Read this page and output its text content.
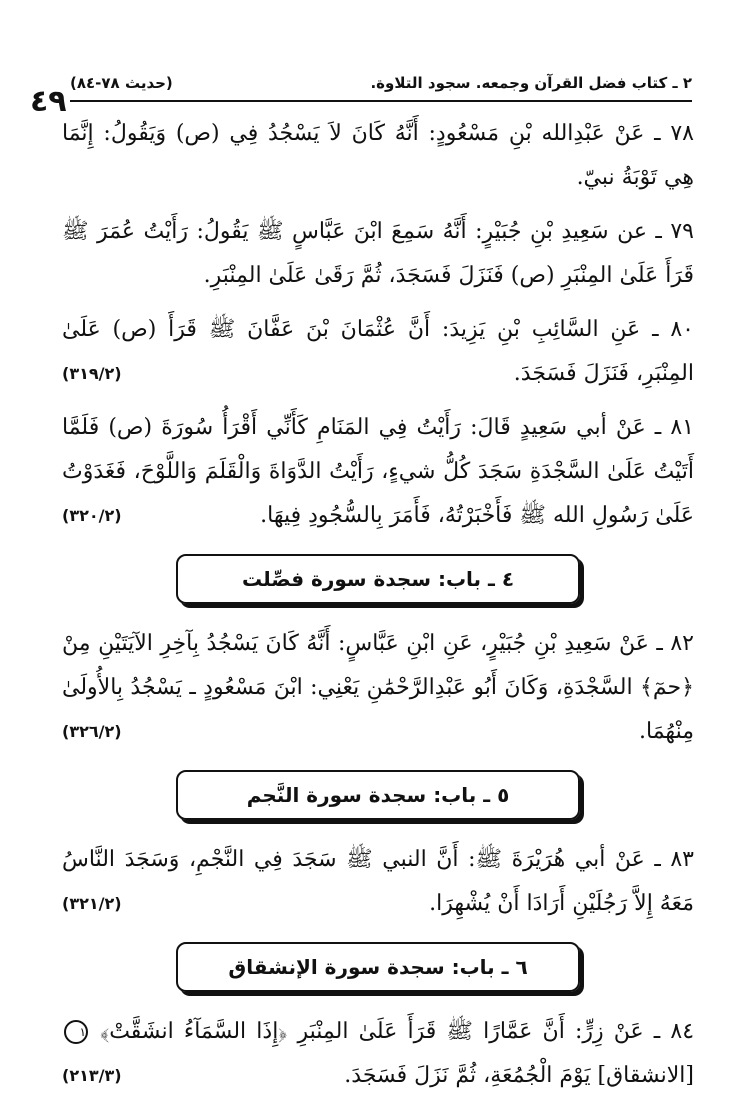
٤٩
(حديث ٧٨-٨٤)	٢ ـ كتاب فضل القرآن وجمعه. سجود التلاوة.

٧٨ ـ عَنْ عَبْدِالله بْنِ مَسْعُودٍ: أَنَّهُ كَانَ لاَ يَسْجُدُ فِي (ص) وَيَقُولُ: إِنَّمَا هِي تَوْبَةُ نبيّ.

٧٩ ـ عن سَعِيدِ بْنِ جُبَيْرٍ: أَنَّهُ سَمِعَ ابْنَ عَبَّاسٍ ﷺ يَقُولُ: رَأَيْتُ عُمَرَ ﷺ قَرَأَ عَلَىٰ المِنْبَرِ (ص) فَنَزَلَ فَسَجَدَ، ثُمَّ رَقَىٰ عَلَىٰ المِنْبَرِ.

٨٠ ـ عَنِ السَّائِبِ بْنِ يَزِيدَ: أَنَّ عُثْمَانَ بْنَ عَفَّانَ ﷺ قَرَأَ (ص) عَلَىٰ المِنْبَرِ، فَنَزَلَ فَسَجَدَ.
(٣١٩/٢)

٨١ ـ عَنْ أبي سَعِيدٍ قَالَ: رَأَيْتُ فِي المَنَامِ كَأَنِّي أَقْرَأُ سُورَةَ (ص) فَلَمَّا أَتَيْتُ عَلَىٰ السَّجْدَةِ سَجَدَ كُلُّ شيءٍ، رَأَيْتُ الدَّوَاةَ وَالْقَلَمَ وَاللَّوْحَ، فَغَدَوْتُ عَلَىٰ رَسُولِ الله ﷺ فَأَخْبَرْتُهُ، فَأَمَرَ بِالسُّجُودِ فِيهَا.
(٣٢٠/٢)

٤ ـ باب: سجدة سورة فصِّلت

٨٢ ـ عَنْ سَعِيدِ بْنِ جُبَيْرٍ، عَنِ ابْنِ عَبَّاسٍ: أَنَّهُ كَانَ يَسْجُدُ بِآخِرِ الآيَتَيْنِ مِنْ ﴿حمٓ﴾ السَّجْدَةِ، وَكَانَ أَبُو عَبْدِالرَّحْمَٰنِ يَعْنِي: ابْنَ مَسْعُودٍ ـ يَسْجُدُ بِالأُولَىٰ مِنْهُمَا.
(٣٢٦/٢)

٥ ـ باب: سجدة سورة النَّجم

٨٣ ـ عَنْ أبي هُرَيْرَةَ ﷺ: أَنَّ النبي ﷺ سَجَدَ فِي النَّجْمِ، وَسَجَدَ النَّاسُ مَعَهُ إِلاَّ رَجُلَيْنِ أَرَادَا أَنْ يُشْهِرَا.
(٣٢١/٢)

٦ ـ باب: سجدة سورة الإنشقاق

٨٤ ـ عَنْ زِرٍّ: أَنَّ عَمَّارًا ﷺ قَرَأَ عَلَىٰ المِنْبَرِ ﴿إِذَا السَّمَآءُ انشَقَّتْ﴾ ١ [الانشقاق] يَوْمَ الْجُمُعَةِ، ثُمَّ نَزَلَ فَسَجَدَ.
(٢١٣/٣)
